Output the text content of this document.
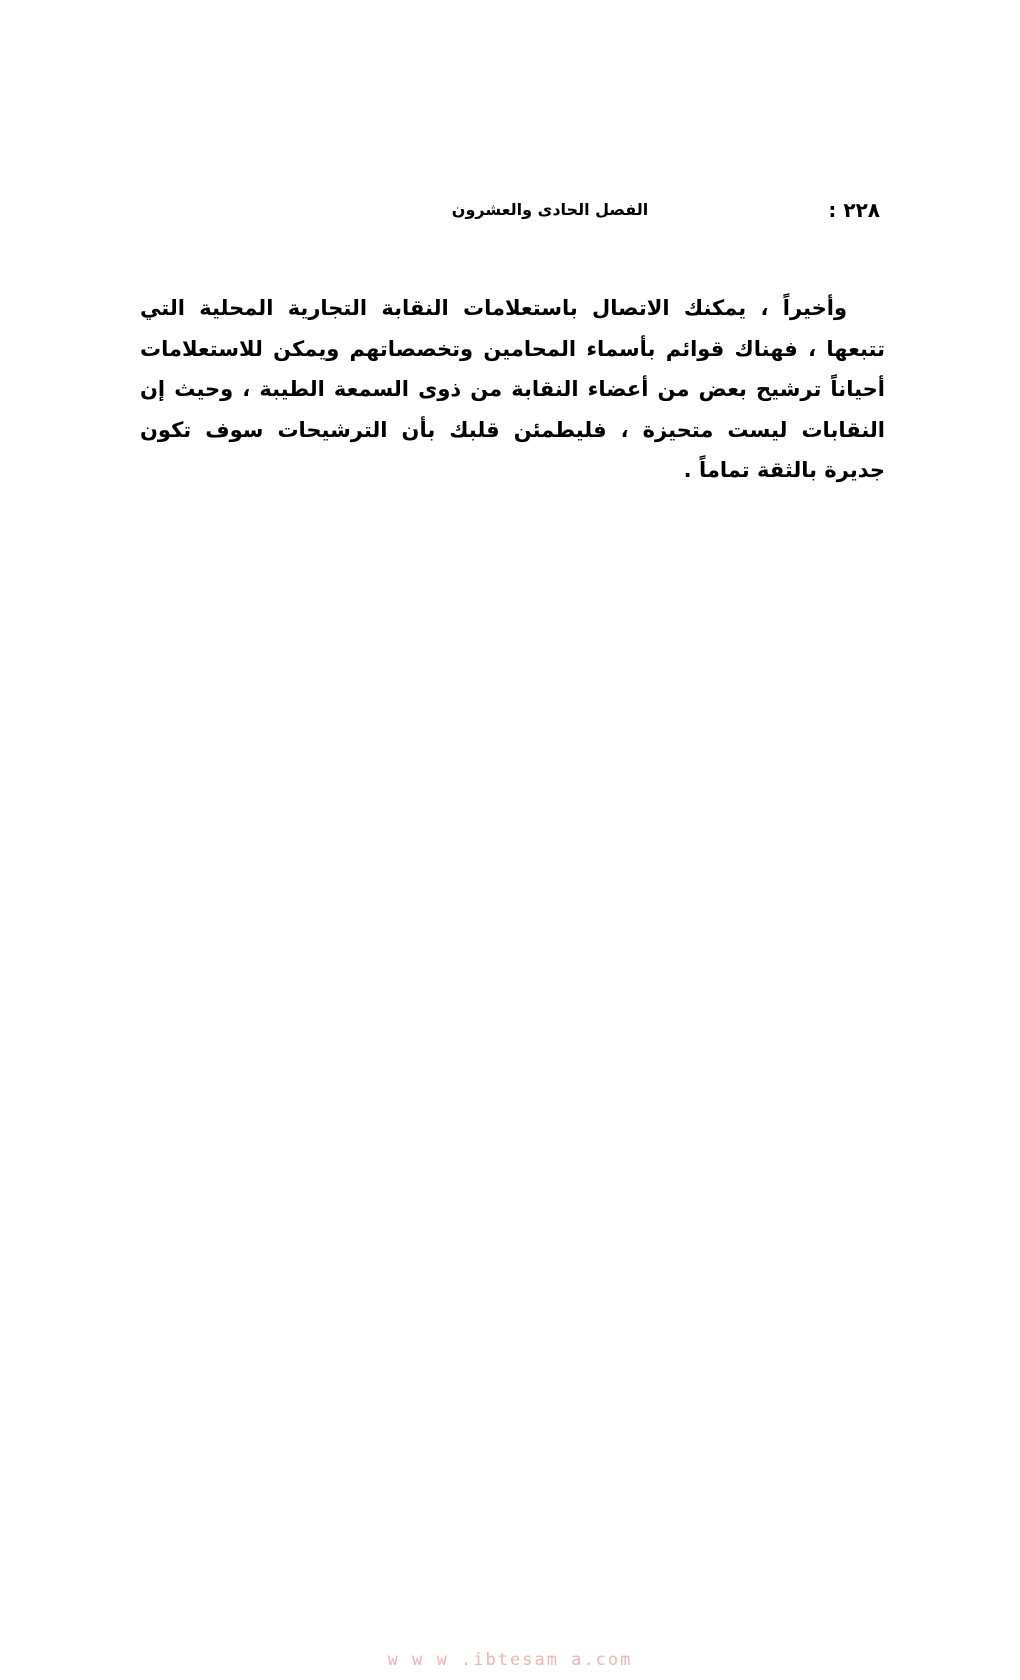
٢٢٨ :
الفصل الحادى والعشرون

وأخيراً ، يمكنك الاتصال باستعلامات النقابة التجارية المحلية التي تتبعها ، فهناك قوائم بأسماء المحامين وتخصصاتهم ويمكن للاستعلامات أحياناً ترشيح بعض من أعضاء النقابة من ذوى السمعة الطيبة ، وحيث إن النقابات ليست متحيزة ، فليطمئن قلبك بأن الترشيحات سوف تكون جديرة بالثقة تماماً .

w w w .ibtesam a.com
